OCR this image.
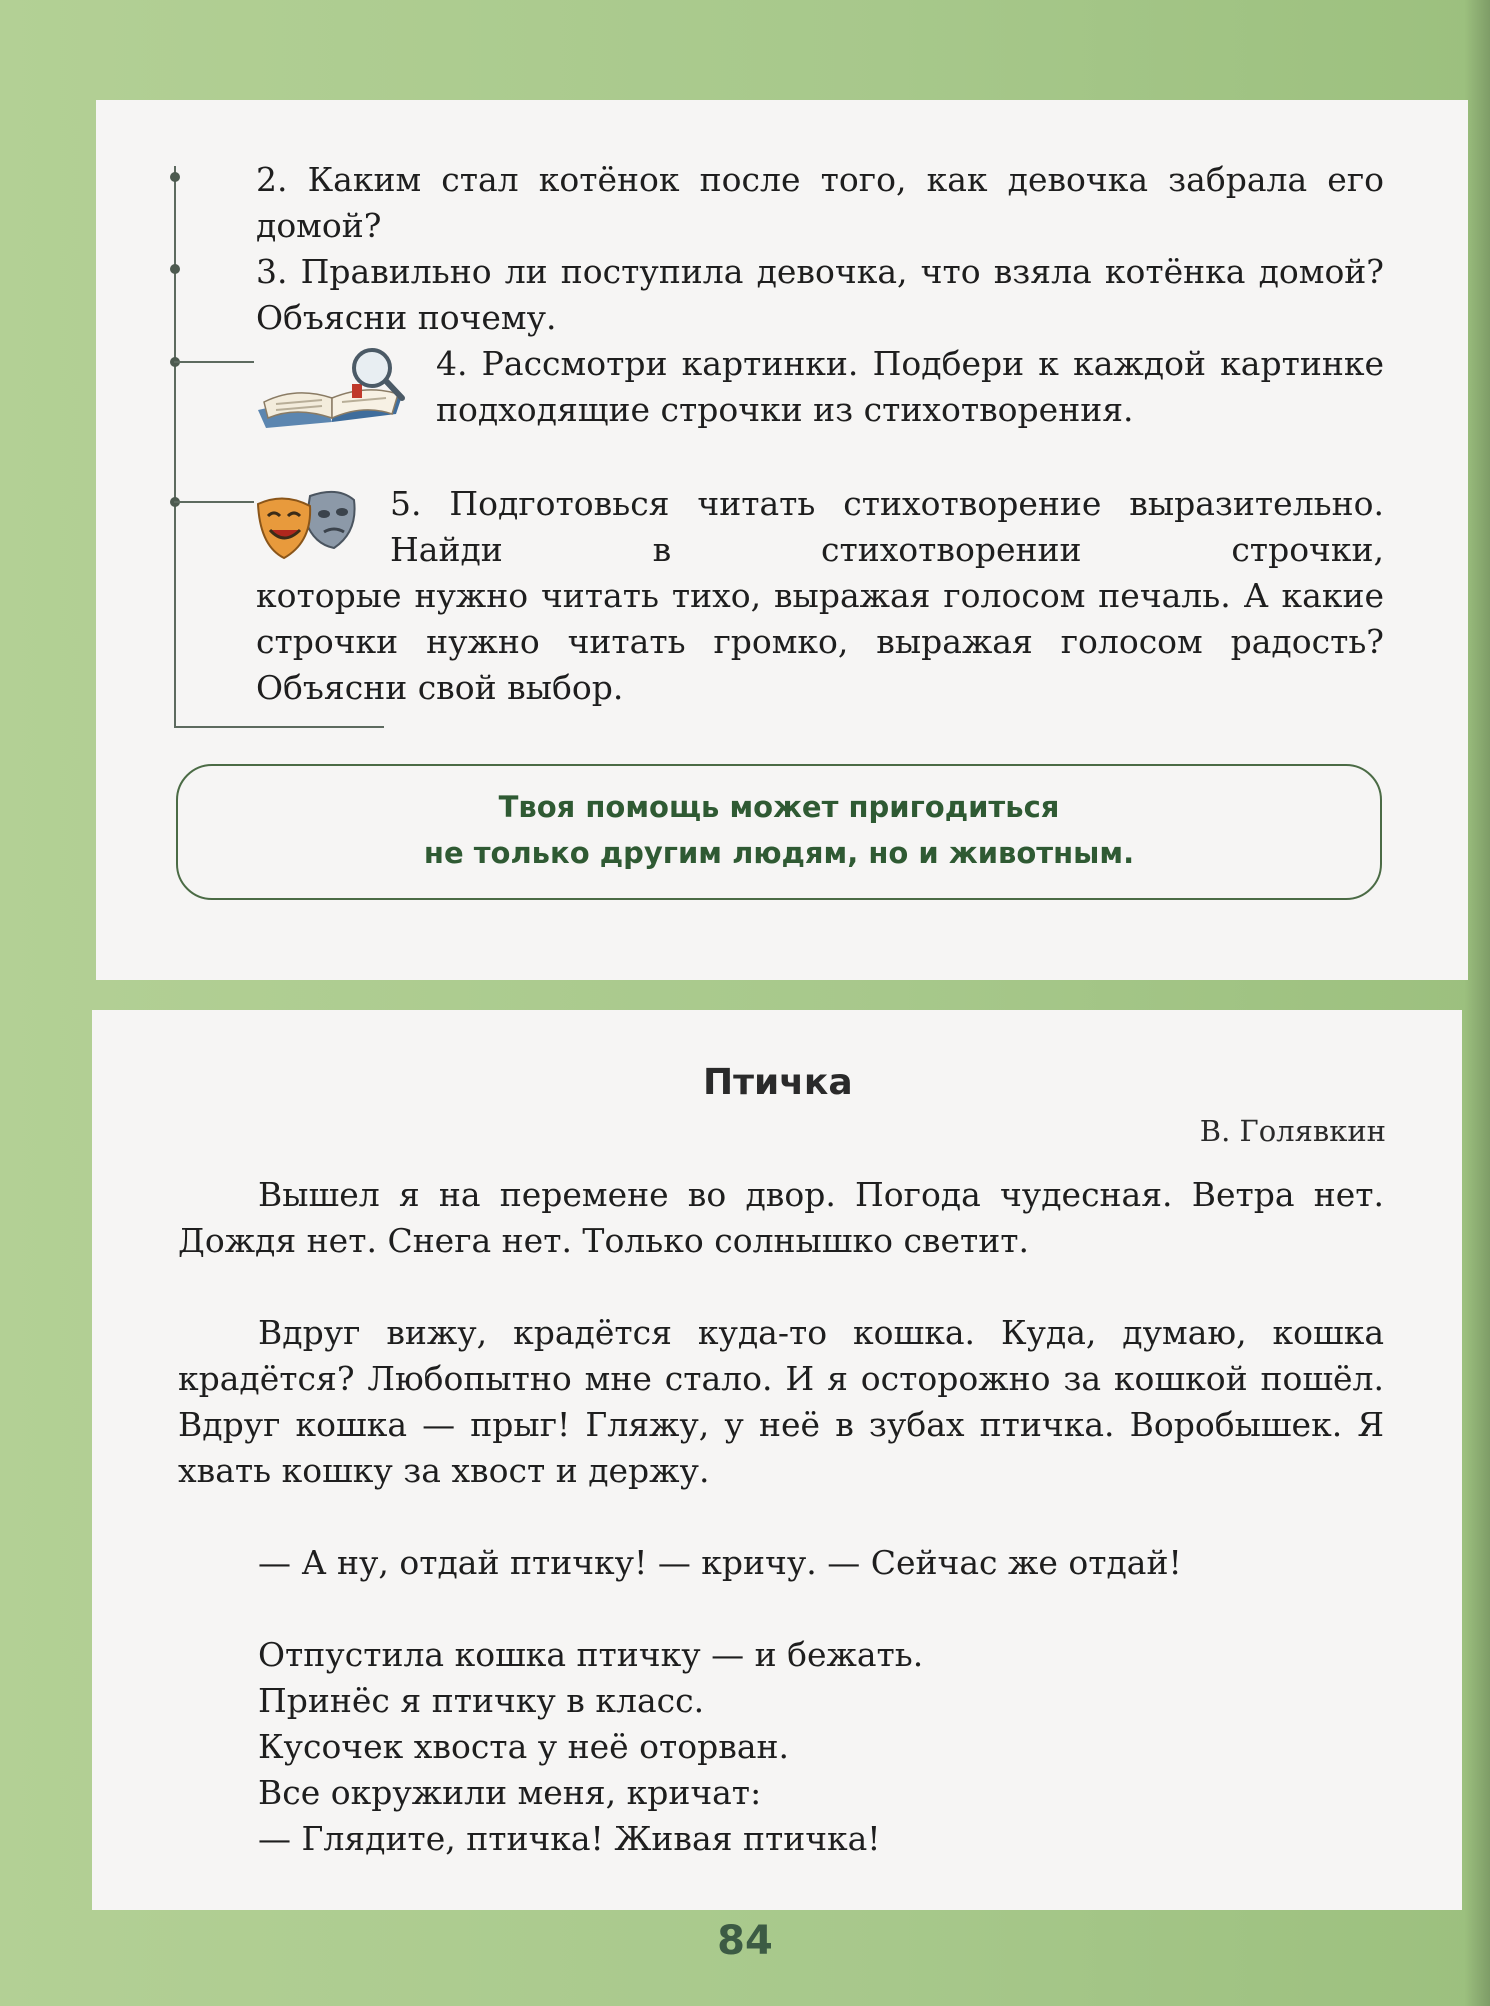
2. Каким стал котёнок после того, как девочка забрала его домой?

3. Правильно ли поступила девочка, что взяла котёнка домой? Объясни почему.

4. Рассмотри картинки. Подбери к каждой картинке подходящие строчки из стихотворения.

5. Подготовься читать стихотворение выразительно. Найди в стихотворении строчки,

которые нужно читать тихо, выражая голосом печаль. А какие строчки нужно читать громко, выражая голосом радость? Объясни свой выбор.

Твоя помощь может пригодиться
не только другим людям, но и животным.
Птичка
В. Голявкин

Вышел я на перемене во двор. Погода чудесная. Ветра нет. Дождя нет. Снега нет. Только солнышко светит.

Вдруг вижу, крадётся куда-то кошка. Куда, думаю, кошка крадётся? Любопытно мне стало. И я осторожно за кошкой пошёл. Вдруг кошка — прыг! Гляжу, у неё в зубах птичка. Воробышек. Я хвать кошку за хвост и держу.

— А ну, отдай птичку! — кричу. — Сейчас же отдай!

Отпустила кошка птичку — и бежать.

Принёс я птичку в класс.

Кусочек хвоста у неё оторван.

Все окружили меня, кричат:

— Глядите, птичка! Живая птичка!

84
